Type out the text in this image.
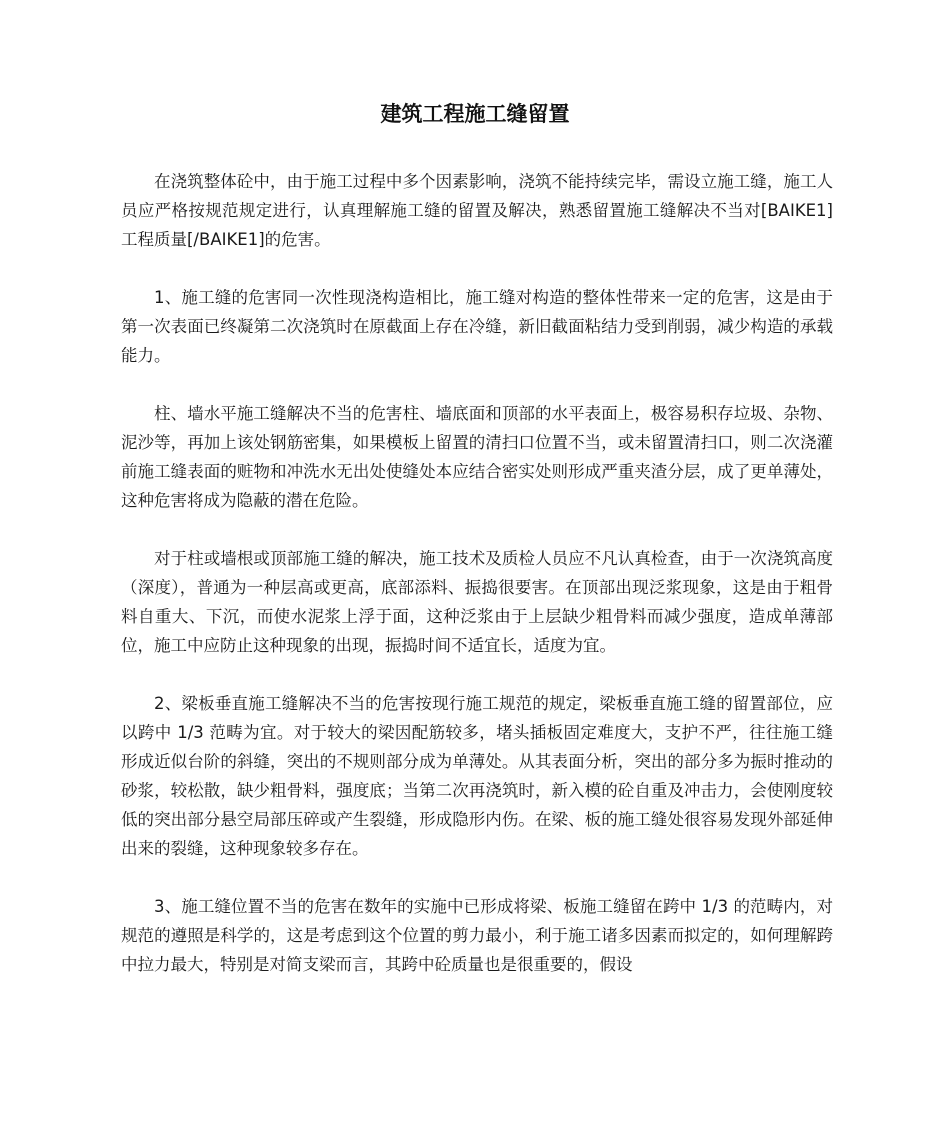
建筑工程施工缝留置

在浇筑整体砼中，由于施工过程中多个因素影响，浇筑不能持续完毕，需设立施工缝，施工人员应严格按规范规定进行，认真理解施工缝的留置及解决，熟悉留置施工缝解决不当对[BAIKE1]工程质量[/BAIKE1]的危害。

1、施工缝的危害同一次性现浇构造相比，施工缝对构造的整体性带来一定的危害，这是由于第一次表面已终凝第二次浇筑时在原截面上存在冷缝，新旧截面粘结力受到削弱，减少构造的承载能力。

柱、墙水平施工缝解决不当的危害柱、墙底面和顶部的水平表面上，极容易积存垃圾、杂物、泥沙等，再加上该处钢筋密集，如果模板上留置的清扫口位置不当，或未留置清扫口，则二次浇灌前施工缝表面的赃物和冲洗水无出处使缝处本应结合密实处则形成严重夹渣分层，成了更单薄处，这种危害将成为隐蔽的潜在危险。

对于柱或墙根或顶部施工缝的解决，施工技术及质检人员应不凡认真检查，由于一次浇筑高度（深度），普通为一种层高或更高，底部添料、振捣很要害。在顶部出现泛浆现象，这是由于粗骨料自重大、下沉，而使水泥浆上浮于面，这种泛浆由于上层缺少粗骨料而减少强度，造成单薄部位，施工中应防止这种现象的出现，振捣时间不适宜长，适度为宜。

2、梁板垂直施工缝解决不当的危害按现行施工规范的规定，梁板垂直施工缝的留置部位，应以跨中 1/3 范畴为宜。对于较大的梁因配筋较多，堵头插板固定难度大，支护不严，往往施工缝形成近似台阶的斜缝，突出的不规则部分成为单薄处。从其表面分析，突出的部分多为振时推动的砂浆，较松散，缺少粗骨料，强度底；当第二次再浇筑时，新入模的砼自重及冲击力，会使刚度较低的突出部分悬空局部压碎或产生裂缝，形成隐形内伤。在梁、板的施工缝处很容易发现外部延伸出来的裂缝，这种现象较多存在。

3、施工缝位置不当的危害在数年的实施中已形成将梁、板施工缝留在跨中 1/3 的范畴内，对规范的遵照是科学的，这是考虑到这个位置的剪力最小，利于施工诸多因素而拟定的，如何理解跨中拉力最大，特别是对简支梁而言，其跨中砼质量也是很重要的，假设
